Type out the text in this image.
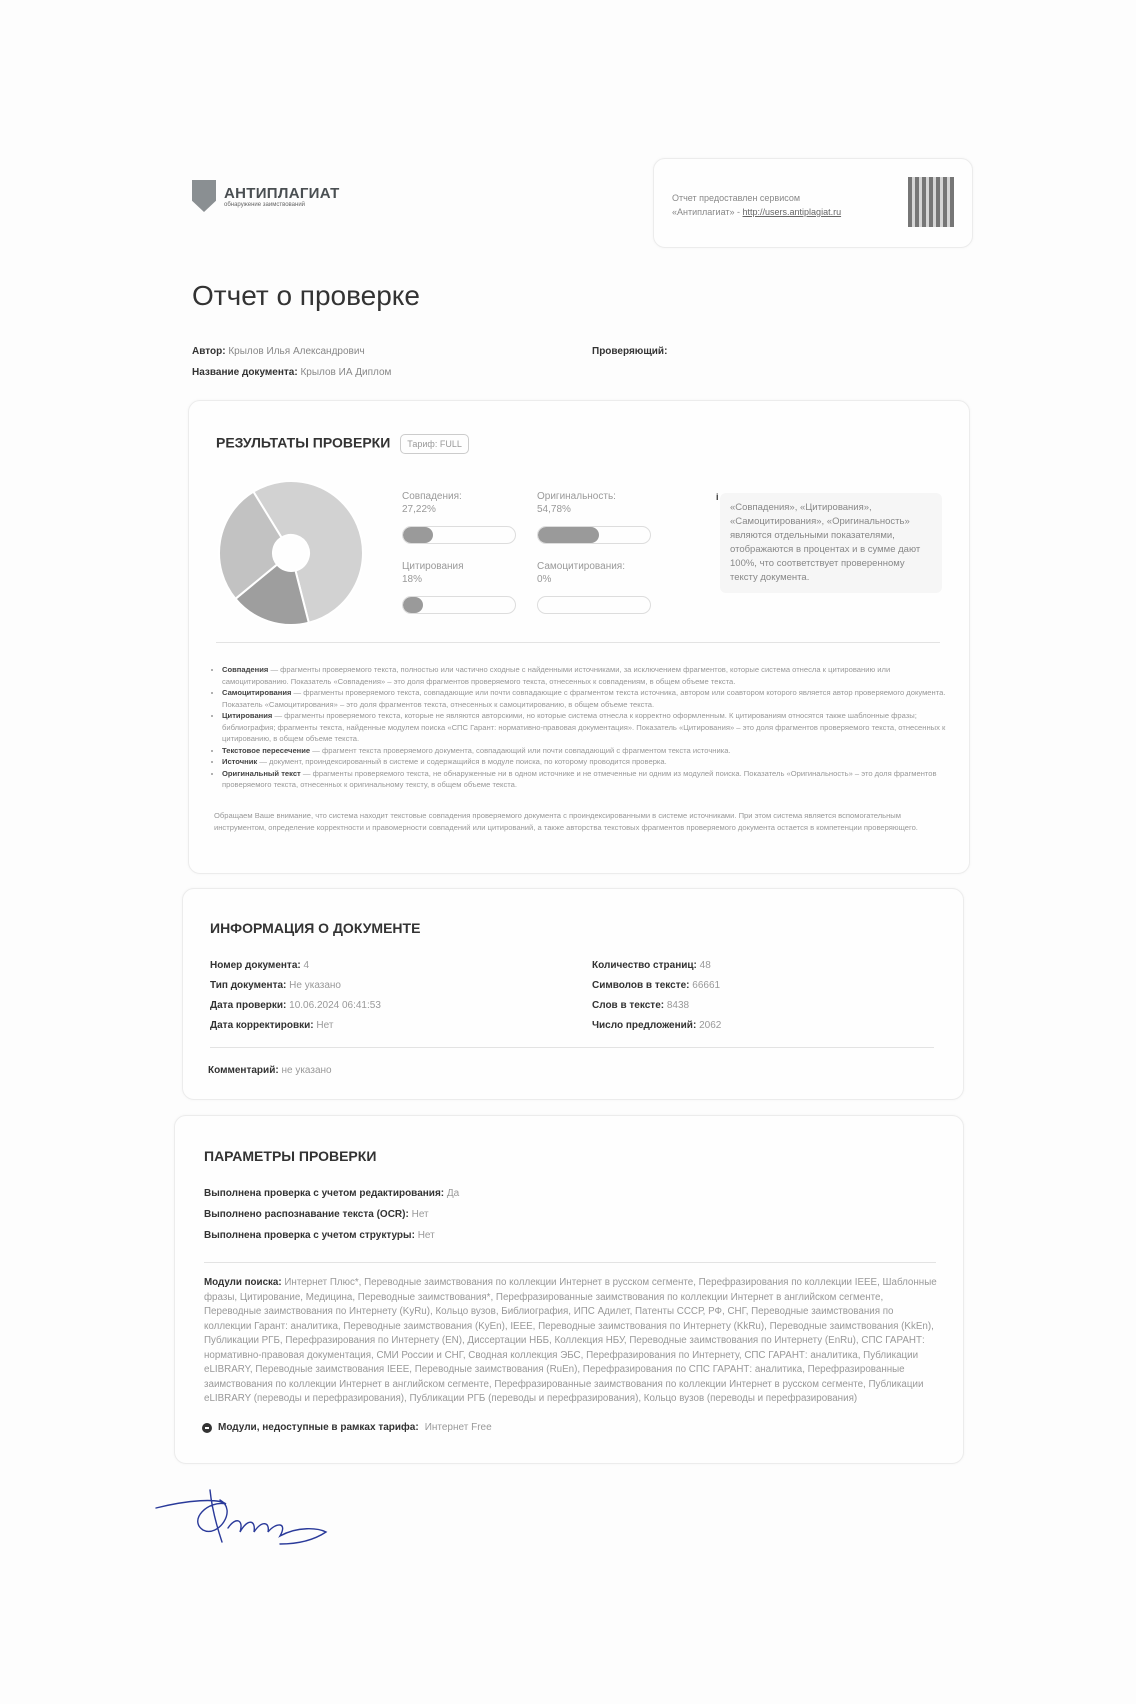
АНТИПЛАГИАТ
обнаружение заимствований
Отчет предоставлен сервисом
«Антиплагиат» - http://users.antiplagiat.ru
Отчет о проверке
Автор: Крылов Илья Александрович
Название документа: Крылов ИА Диплом
Проверяющий:
РЕЗУЛЬТАТЫ ПРОВЕРКИ Тариф: FULL
Совпадения:
27,22%
Оригинальность:
54,78%
Цитирования
18%
Самоцитирования:
0%
i
«Совпадения», «Цитирования», «Самоцитирования», «Оригинальность» являются отдельными показателями, отображаются в процентах и в сумме дают 100%, что соответствует проверенному тексту документа.
• Совпадения — фрагменты проверяемого текста, полностью или частично сходные с найденными источниками, за исключением фрагментов, которые система отнесла к цитированию или самоцитированию. Показатель «Совпадения» – это доля фрагментов проверяемого текста, отнесенных к совпадениям, в общем объеме текста.
• Самоцитирования — фрагменты проверяемого текста, совпадающие или почти совпадающие с фрагментом текста источника, автором или соавтором которого является автор проверяемого документа. Показатель «Самоцитирования» – это доля фрагментов текста, отнесенных к самоцитированию, в общем объеме текста.
• Цитирования — фрагменты проверяемого текста, которые не являются авторскими, но которые система отнесла к корректно оформленным. К цитированиям относятся также шаблонные фразы; библиография; фрагменты текста, найденные модулем поиска «СПС Гарант: нормативно-правовая документация». Показатель «Цитирования» – это доля фрагментов проверяемого текста, отнесенных к цитированию, в общем объеме текста.
• Текстовое пересечение — фрагмент текста проверяемого документа, совпадающий или почти совпадающий с фрагментом текста источника.
• Источник — документ, проиндексированный в системе и содержащийся в модуле поиска, по которому проводится проверка.
• Оригинальный текст — фрагменты проверяемого текста, не обнаруженные ни в одном источнике и не отмеченные ни одним из модулей поиска. Показатель «Оригинальность» – это доля фрагментов проверяемого текста, отнесенных к оригинальному тексту, в общем объеме текста.
Обращаем Ваше внимание, что система находит текстовые совпадения проверяемого документа с проиндексированными в системе источниками. При этом система является вспомогательным инструментом, определение корректности и правомерности совпадений или цитирований, а также авторства текстовых фрагментов проверяемого документа остается в компетенции проверяющего.
ИНФОРМАЦИЯ О ДОКУМЕНТЕ
Номер документа: 4
Тип документа: Не указано
Дата проверки: 10.06.2024 06:41:53
Дата корректировки: Нет
Количество страниц: 48
Символов в тексте: 66661
Слов в тексте: 8438
Число предложений: 2062
Комментарий: не указано
ПАРАМЕТРЫ ПРОВЕРКИ
Выполнена проверка с учетом редактирования: Да
Выполнено распознавание текста (OCR): Нет
Выполнена проверка с учетом структуры: Нет
Модули поиска: Интернет Плюс*, Переводные заимствования по коллекции Интернет в русском сегменте, Перефразирования по коллекции IEEE, Шаблонные фразы, Цитирование, Медицина, Переводные заимствования*, Перефразированные заимствования по коллекции Интернет в английском сегменте, Переводные заимствования по Интернету (KyRu), Кольцо вузов, Библиография, ИПС Адилет, Патенты СССР, РФ, СНГ, Переводные заимствования по коллекции Гарант: аналитика, Переводные заимствования (KyEn), IEEE, Переводные заимствования по Интернету (KkRu), Переводные заимствования (KkEn), Публикации РГБ, Перефразирования по Интернету (EN), Диссертации НББ, Коллекция НБУ, Переводные заимствования по Интернету (EnRu), СПС ГАРАНТ: нормативно-правовая документация, СМИ России и СНГ, Сводная коллекция ЭБС, Перефразирования по Интернету, СПС ГАРАНТ: аналитика, Публикации eLIBRARY, Переводные заимствования IEEE, Переводные заимствования (RuEn), Перефразирования по СПС ГАРАНТ: аналитика, Перефразированные заимствования по коллекции Интернет в английском сегменте, Перефразированные заимствования по коллекции Интернет в русском сегменте, Публикации eLIBRARY (переводы и перефразирования), Публикации РГБ (переводы и перефразирования), Кольцо вузов (переводы и перефразирования)
Модули, недоступные в рамках тарифа: Интернет Free
